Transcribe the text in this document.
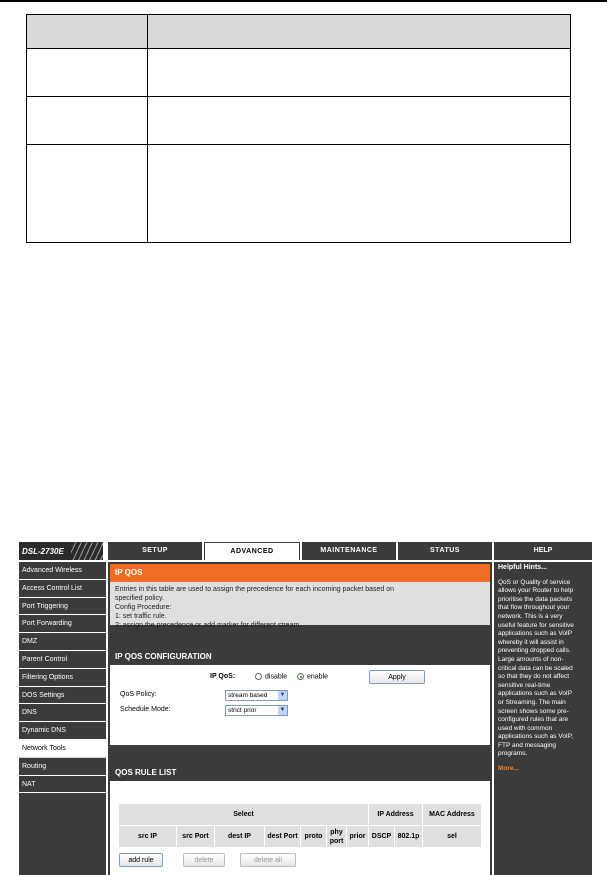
DSL-2730E	SETUP	ADVANCED	MAINTENANCE	STATUS	HELP
Advanced Wireless
Access Control List
Port Triggering
Port Forwarding
DMZ
Parent Control
Filtering Options
DOS Settings
DNS
Dynamic DNS
Network Tools
Routing
NAT
IP QOS
Entries in this table are used to assign the precedence for each incoming packet based on
specified policy.
Config Procedure:
1: set traffic rule.
2: assign the precedence or add marker for different stream.
IP QOS CONFIGURATION
IP QoS:	disable	enable	Apply
QoS Policy:	stream based ▼
Schedule Mode:	strict prior	▼
QOS RULE LIST
Select							IP Address		MAC Address
src IP	src Port	dest IP	dest Port	proto	phy port	prior	DSCP	802.1p	sel
add rule	delete	delete all
Helpful Hints...
QoS or Quality of service
allows your Router to help
prioritise the data packets
that flow throughout your
network. This is a very
useful feature for sensitive
applications such as VoIP
whereby it will assist in
preventing dropped calls.
Large amounts of non-
critical data can be scaled
so that they do not affect
sensitive real-time
applications such as VoIP
or Streaming. The main
screen shows some pre-
configured rules that are
used with common
applications such as VoIP,
FTP and messaging
programs.
More...
